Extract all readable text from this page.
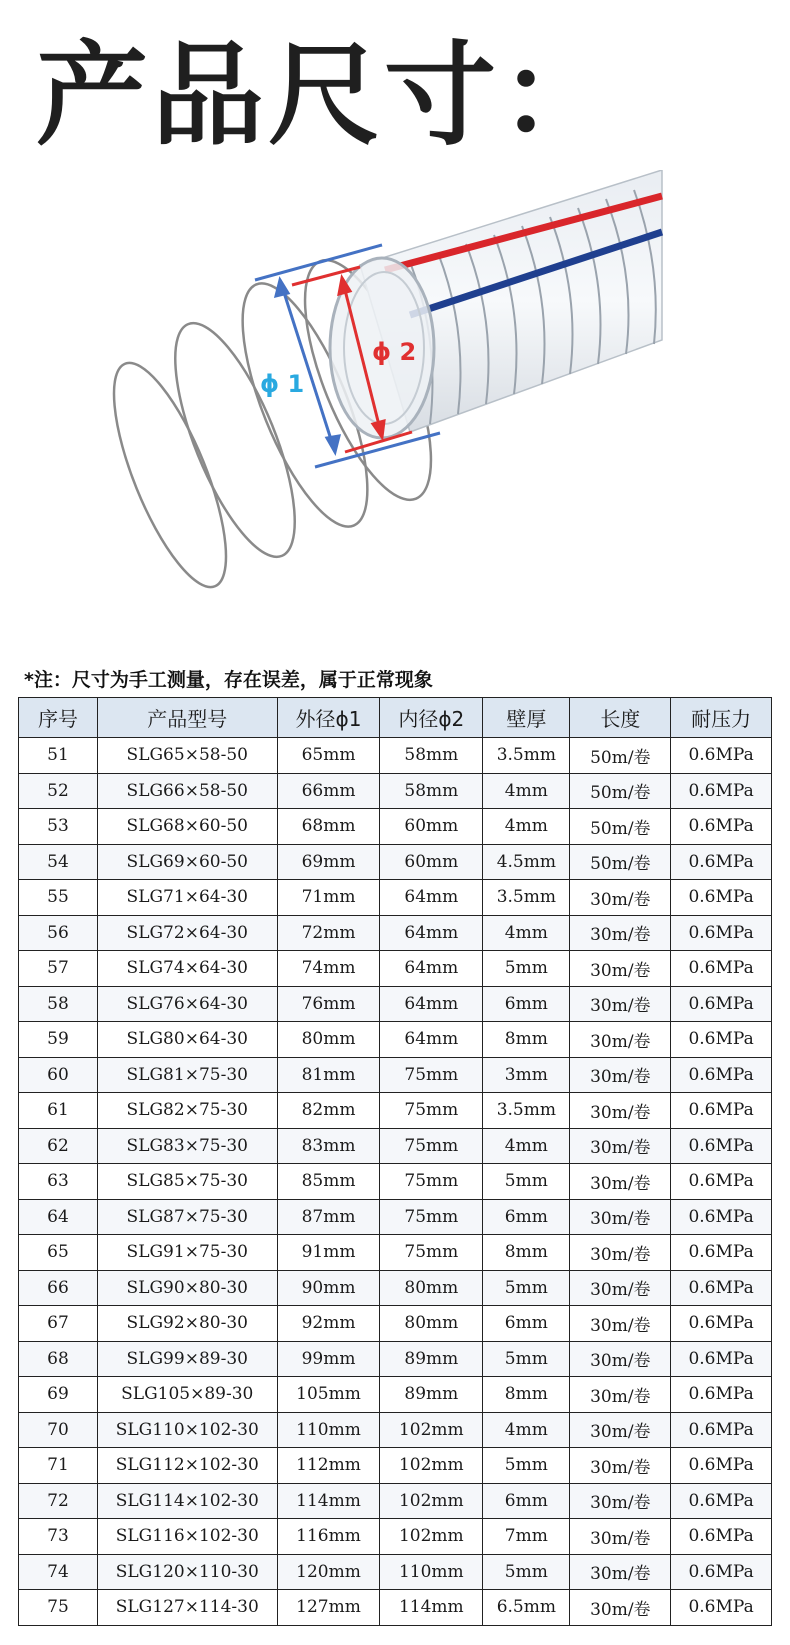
产品尺寸：
ϕ 1
ϕ 2
*注：尺寸为手工测量，存在误差，属于正常现象
序号	产品型号	外径ϕ1	内径ϕ2	壁厚	长度	耐压力
51	SLG65×58-50	65mm	58mm	3.5mm	50m/卷	0.6MPa
52	SLG66×58-50	66mm	58mm	4mm	50m/卷	0.6MPa
53	SLG68×60-50	68mm	60mm	4mm	50m/卷	0.6MPa
54	SLG69×60-50	69mm	60mm	4.5mm	50m/卷	0.6MPa
55	SLG71×64-30	71mm	64mm	3.5mm	30m/卷	0.6MPa
56	SLG72×64-30	72mm	64mm	4mm	30m/卷	0.6MPa
57	SLG74×64-30	74mm	64mm	5mm	30m/卷	0.6MPa
58	SLG76×64-30	76mm	64mm	6mm	30m/卷	0.6MPa
59	SLG80×64-30	80mm	64mm	8mm	30m/卷	0.6MPa
60	SLG81×75-30	81mm	75mm	3mm	30m/卷	0.6MPa
61	SLG82×75-30	82mm	75mm	3.5mm	30m/卷	0.6MPa
62	SLG83×75-30	83mm	75mm	4mm	30m/卷	0.6MPa
63	SLG85×75-30	85mm	75mm	5mm	30m/卷	0.6MPa
64	SLG87×75-30	87mm	75mm	6mm	30m/卷	0.6MPa
65	SLG91×75-30	91mm	75mm	8mm	30m/卷	0.6MPa
66	SLG90×80-30	90mm	80mm	5mm	30m/卷	0.6MPa
67	SLG92×80-30	92mm	80mm	6mm	30m/卷	0.6MPa
68	SLG99×89-30	99mm	89mm	5mm	30m/卷	0.6MPa
69	SLG105×89-30	105mm	89mm	8mm	30m/卷	0.6MPa
70	SLG110×102-30	110mm	102mm	4mm	30m/卷	0.6MPa
71	SLG112×102-30	112mm	102mm	5mm	30m/卷	0.6MPa
72	SLG114×102-30	114mm	102mm	6mm	30m/卷	0.6MPa
73	SLG116×102-30	116mm	102mm	7mm	30m/卷	0.6MPa
74	SLG120×110-30	120mm	110mm	5mm	30m/卷	0.6MPa
75	SLG127×114-30	127mm	114mm	6.5mm	30m/卷	0.6MPa
